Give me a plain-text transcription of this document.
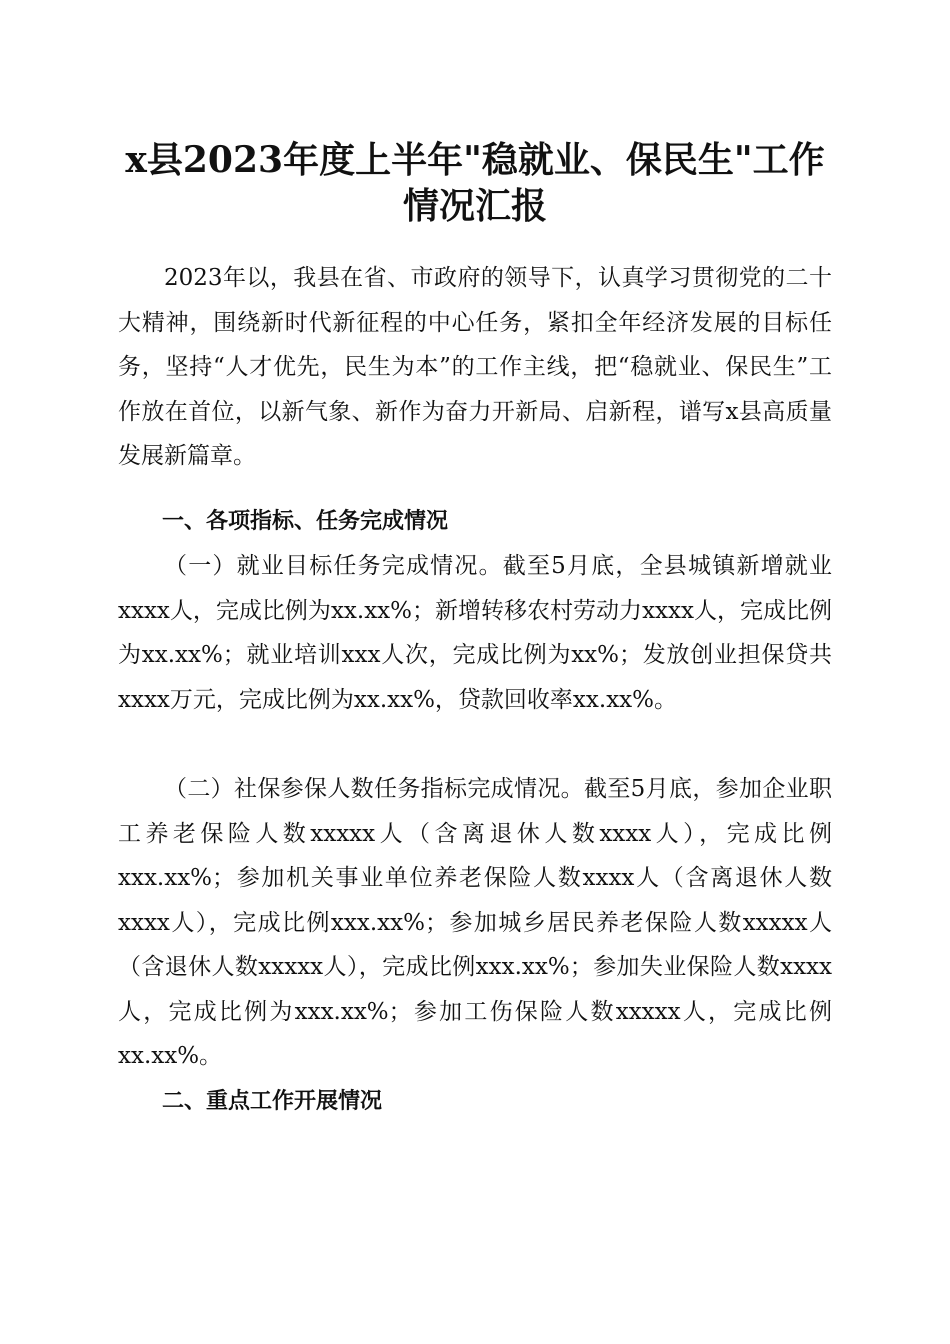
x县2023年度上半年"稳就业、保民生"工作
情况汇报

2023年以，我县在省、市政府的领导下，认真学习贯彻党的二十大精神，围绕新时代新征程的中心任务，紧扣全年经济发展的目标任务，坚持“人才优先，民生为本”的工作主线，把“稳就业、保民生”工作放在首位，以新气象、新作为奋力开新局、启新程，谱写x县高质量发展新篇章。

一、各项指标、任务完成情况

（一）就业目标任务完成情况。截至5月底，全县城镇新增就业xxxx人，完成比例为xx.xx%；新增转移农村劳动力xxxx人，完成比例为xx.xx%；就业培训xxx人次，完成比例为xx%；发放创业担保贷共xxxx万元，完成比例为xx.xx%，贷款回收率xx.xx%。

（二）社保参保人数任务指标完成情况。截至5月底，参加企业职工养老保险人数xxxxx人（含离退休人数xxxx人），完成比例xxx.xx%；参加机关事业单位养老保险人数xxxx人（含离退休人数xxxx人），完成比例xxx.xx%；参加城乡居民养老保险人数xxxxx人（含退休人数xxxxx人），完成比例xxx.xx%；参加失业保险人数xxxx人，完成比例为xxx.xx%；参加工伤保险人数xxxxx人，完成比例xx.xx%。

二、重点工作开展情况
